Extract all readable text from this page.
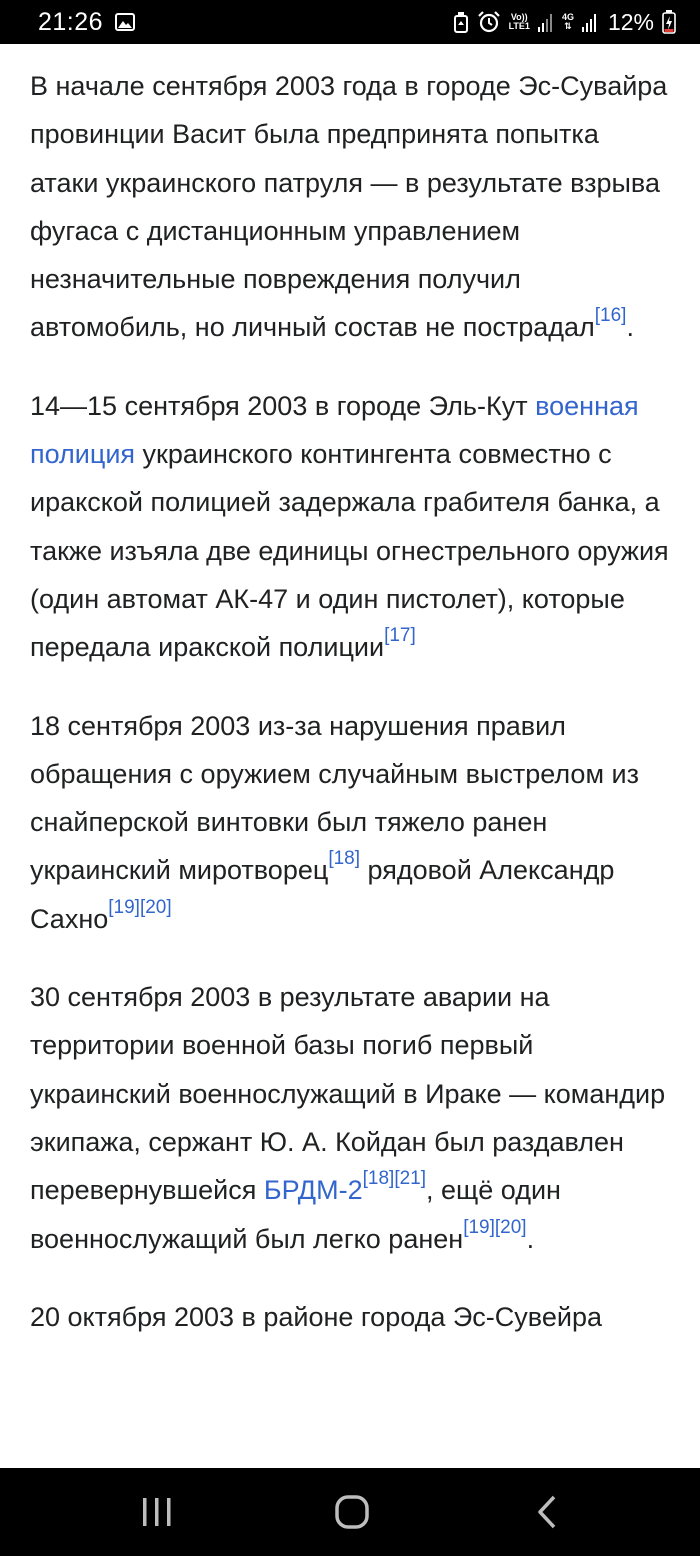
21:26	Vo))
LTE1
4G
⇅ 12%

В начале сентября 2003 года в городе Эс-Сувайра провинции Васит была предпринята попытка атаки украинского патруля — в результате взрыва фугаса с дистанционным управлением незначительные повреждения получил автомобиль, но личный состав не пострадал[16].

14—15 сентября 2003 в городе Эль-Кут военная полиция украинского контингента совместно с иракской полицией задержала грабителя банка, а также изъяла две единицы огнестрельного оружия (один автомат АК-47 и один пистолет), которые передала иракской полиции[17]

18 сентября 2003 из-за нарушения правил обращения с оружием случайным выстрелом из снайперской винтовки был тяжело ранен украинский миротворец[18] рядовой Александр Сахно[19][20]

30 сентября 2003 в результате аварии на территории военной базы погиб первый украинский военнослужащий в Ираке — командир экипажа, сержант Ю. А. Койдан был раздавлен перевернувшейся БРДМ-2[18][21], ещё один военнослужащий был легко ранен[19][20].

20 октября 2003 в районе города Эс-Сувейра
